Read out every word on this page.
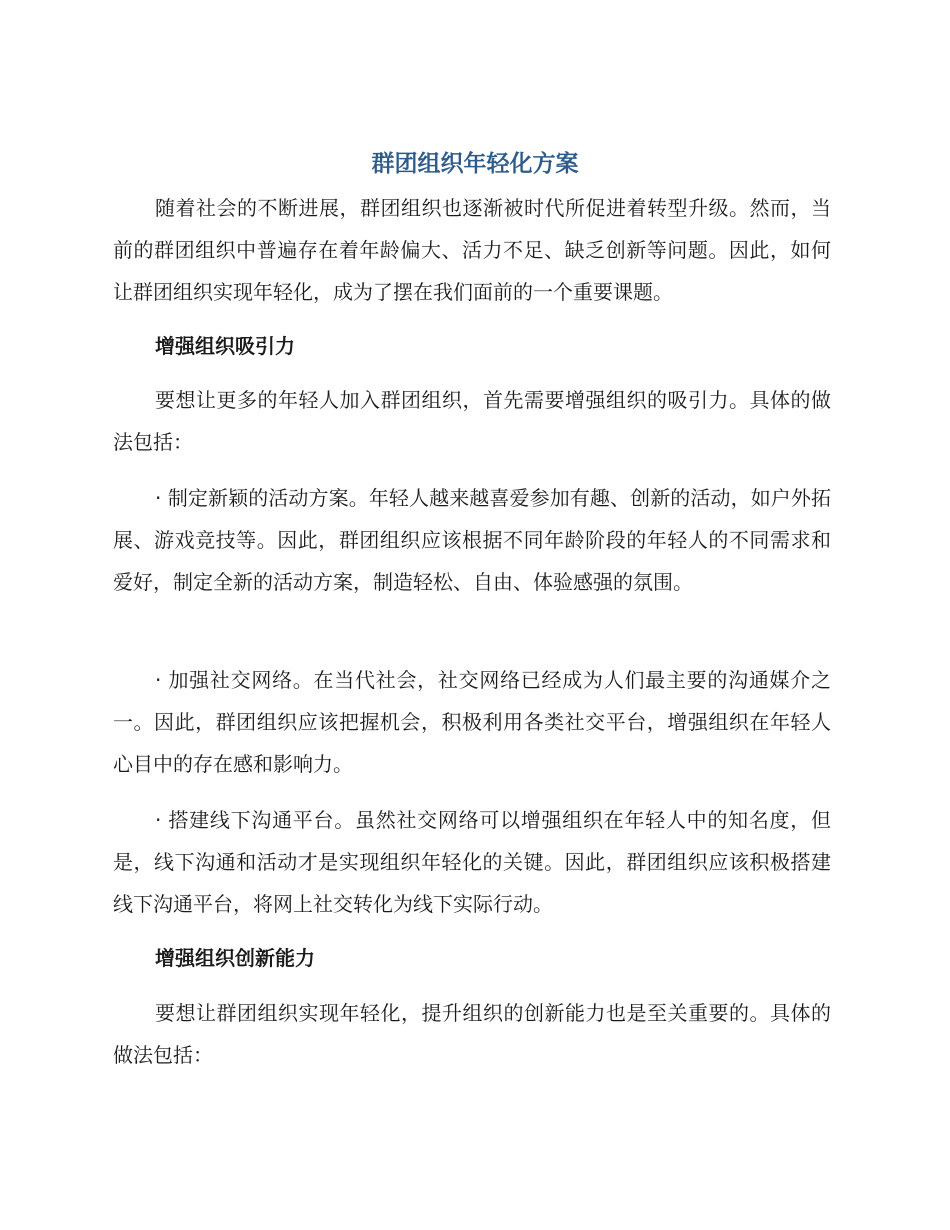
群团组织年轻化方案

随着社会的不断进展，群团组织也逐渐被时代所促进着转型升级。然而，当前的群团组织中普遍存在着年龄偏大、活力不足、缺乏创新等问题。因此，如何让群团组织实现年轻化，成为了摆在我们面前的一个重要课题。

增强组织吸引力

要想让更多的年轻人加入群团组织，首先需要增强组织的吸引力。具体的做法包括：

· 制定新颖的活动方案。年轻人越来越喜爱参加有趣、创新的活动，如户外拓展、游戏竞技等。因此，群团组织应该根据不同年龄阶段的年轻人的不同需求和爱好，制定全新的活动方案，制造轻松、自由、体验感强的氛围。

· 加强社交网络。在当代社会，社交网络已经成为人们最主要的沟通媒介之一。因此，群团组织应该把握机会，积极利用各类社交平台，增强组织在年轻人心目中的存在感和影响力。

· 搭建线下沟通平台。虽然社交网络可以增强组织在年轻人中的知名度，但是，线下沟通和活动才是实现组织年轻化的关键。因此，群团组织应该积极搭建线下沟通平台，将网上社交转化为线下实际行动。

增强组织创新能力

要想让群团组织实现年轻化，提升组织的创新能力也是至关重要的。具体的做法包括：
